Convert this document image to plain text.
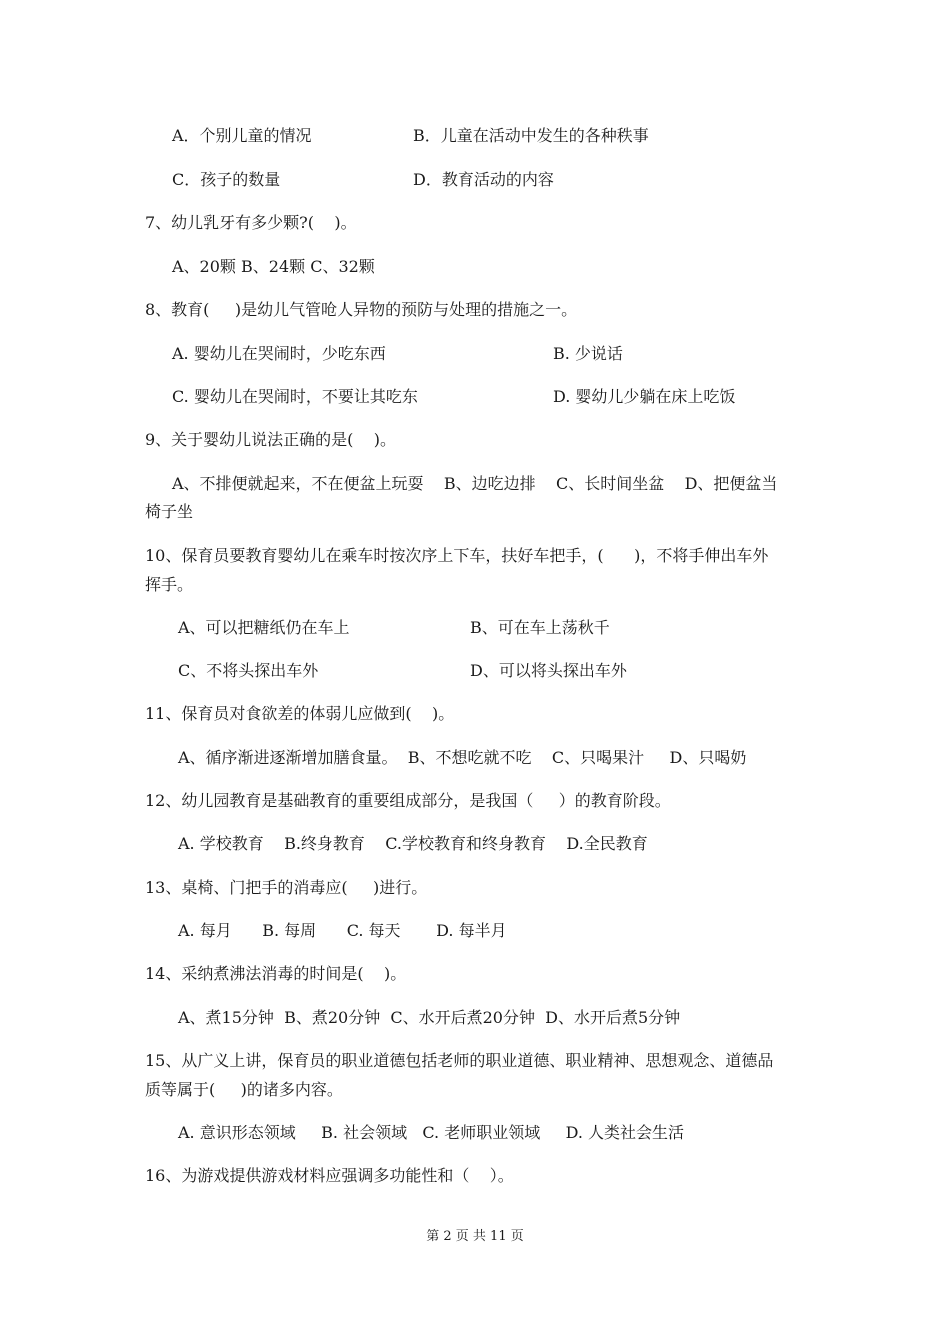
A．个别儿童的情况	B．儿童在活动中发生的各种秩事
C．孩子的数量	D．教育活动的内容
7、幼儿乳牙有多少颗?(    )。
A、20颗 B、24颗 C、32颗
8、教育(     )是幼儿气管呛人异物的预防与处理的措施之一。
A. 婴幼儿在哭闹时，少吃东西	B. 少说话
C. 婴幼儿在哭闹时，不要让其吃东	D. 婴幼儿少躺在床上吃饭
9、关于婴幼儿说法正确的是(    )。
A、不排便就起来，不在便盆上玩耍    B、边吃边排    C、长时间坐盆    D、把便盆当
椅子坐
10、保育员要教育婴幼儿在乘车时按次序上下车，扶好车把手，(      )，不将手伸出车外
挥手。
A、可以把糖纸仍在车上	B、可在车上荡秋千
C、不将头探出车外	D、可以将头探出车外
11、保育员对食欲差的体弱儿应做到(    )。
A、循序渐进逐渐增加膳食量。  B、不想吃就不吃    C、只喝果汁     D、只喝奶
12、幼儿园教育是基础教育的重要组成部分，是我国（     ）的教育阶段。
A. 学校教育    B.终身教育    C.学校教育和终身教育    D.全民教育
13、桌椅、门把手的消毒应(     )进行。
A. 每月      B. 每周      C. 每天       D. 每半月
14、采纳煮沸法消毒的时间是(    )。
A、煮15分钟  B、煮20分钟  C、水开后煮20分钟  D、水开后煮5分钟
15、从广义上讲，保育员的职业道德包括老师的职业道德、职业精神、思想观念、道德品
质等属于(     )的诸多内容。
A. 意识形态领域     B. 社会领域   C. 老师职业领域     D. 人类社会生活
16、为游戏提供游戏材料应强调多功能性和（    ）。
第 2 页 共 11 页
